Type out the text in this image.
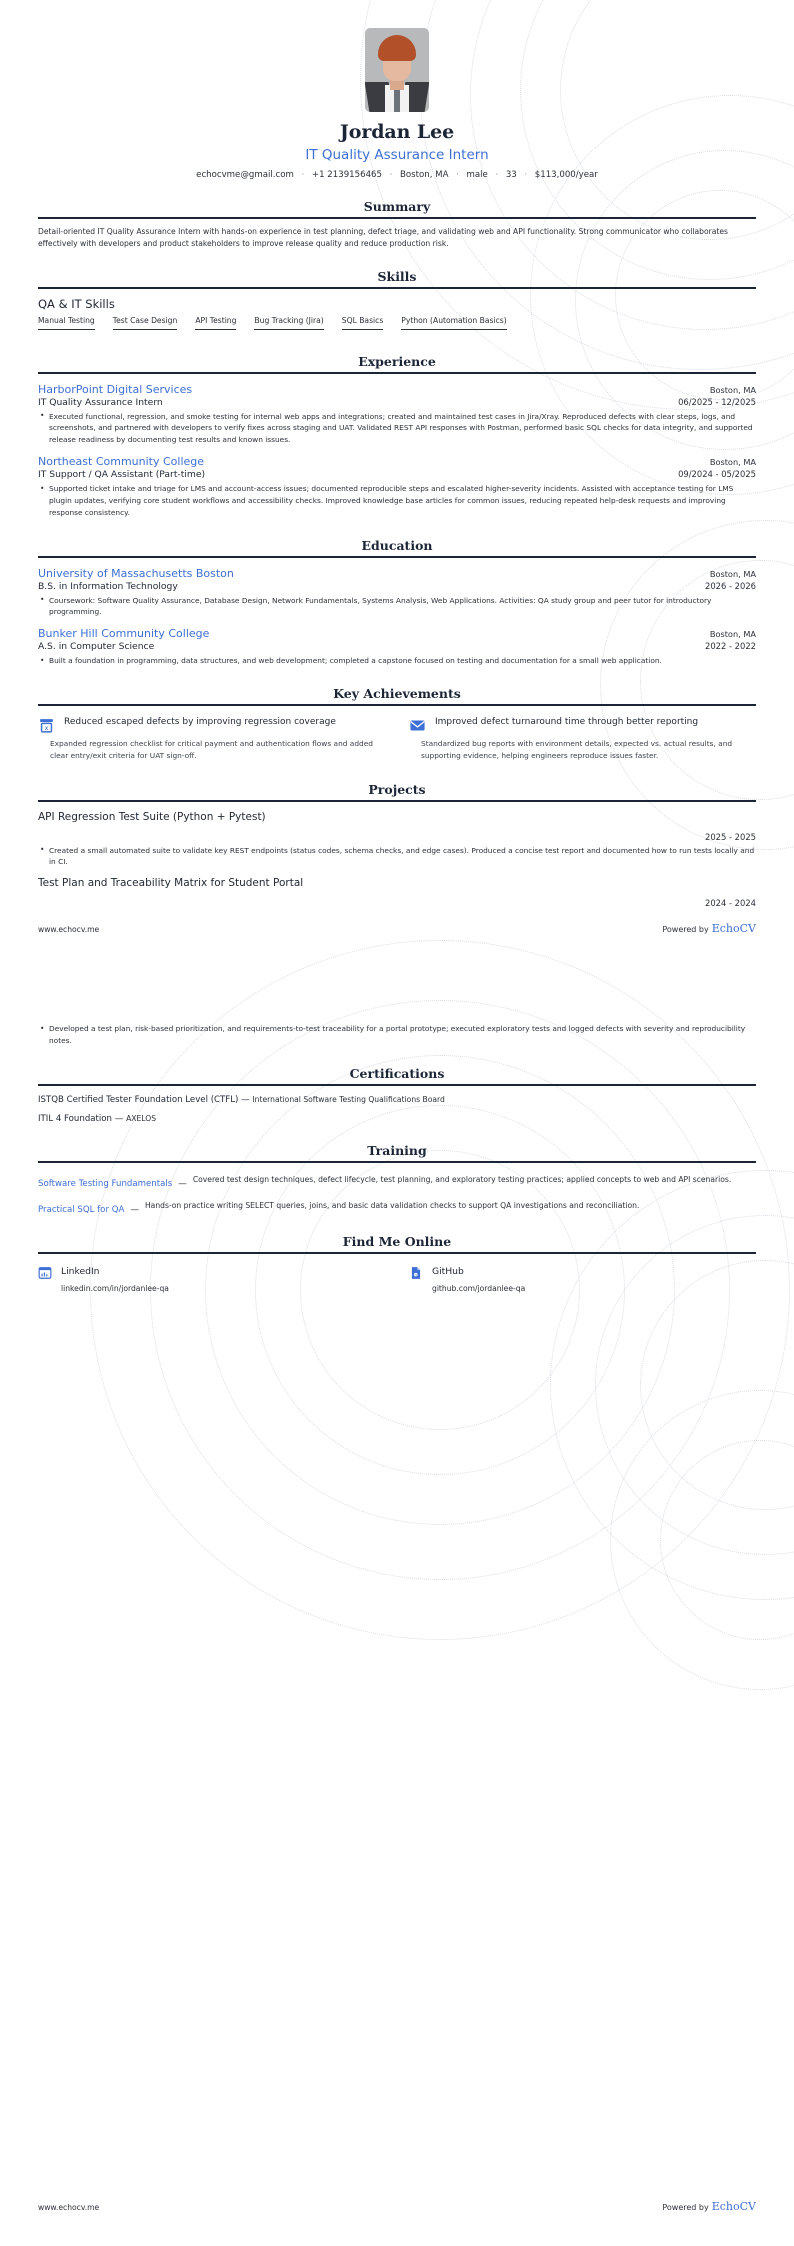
Jordan Lee
IT Quality Assurance Intern
echocvme@gmail.com · +1 2139156465 · Boston, MA · male · 33 · $113,000/year
Summary
Detail-oriented IT Quality Assurance Intern with hands-on experience in test planning, defect triage, and validating web and API functionality. Strong communicator who collaborates effectively with developers and product stakeholders to improve release quality and reduce production risk.
Skills
QA & IT Skills
Manual Testing Test Case Design API Testing Bug Tracking (Jira) SQL Basics Python (Automation Basics)
Experience
HarborPoint Digital Services	Boston, MA
IT Quality Assurance Intern	06/2025 - 12/2025
• Executed functional, regression, and smoke testing for internal web apps and integrations; created and maintained test cases in Jira/Xray. Reproduced defects with clear steps, logs, and screenshots, and partnered with developers to verify fixes across staging and UAT. Validated REST API responses with Postman, performed basic SQL checks for data integrity, and supported release readiness by documenting test results and known issues.
Northeast Community College	Boston, MA
IT Support / QA Assistant (Part-time)	09/2024 - 05/2025
• Supported ticket intake and triage for LMS and account-access issues; documented reproducible steps and escalated higher-severity incidents. Assisted with acceptance testing for LMS plugin updates, verifying core student workflows and accessibility checks. Improved knowledge base articles for common issues, reducing repeated help-desk requests and improving response consistency.
Education
University of Massachusetts Boston	Boston, MA
B.S. in Information Technology	2026 - 2026
• Coursework: Software Quality Assurance, Database Design, Network Fundamentals, Systems Analysis, Web Applications. Activities: QA study group and peer tutor for introductory programming.
Bunker Hill Community College	Boston, MA
A.S. in Computer Science	2022 - 2022
• Built a foundation in programming, data structures, and web development; completed a capstone focused on testing and documentation for a small web application.
Key Achievements
x
Reduced escaped defects by improving regression coverage	Improved defect turnaround time through better reporting
Expanded regression checklist for critical payment and authentication flows and added clear entry/exit criteria for UAT sign-off.
Standardized bug reports with environment details, expected vs. actual results, and supporting evidence, helping engineers reproduce issues faster.
Projects
API Regression Test Suite (Python + Pytest)
2025 - 2025
• Created a small automated suite to validate key REST endpoints (status codes, schema checks, and edge cases). Produced a concise test report and documented how to run tests locally and in CI.
Test Plan and Traceability Matrix for Student Portal
2024 - 2024
www.echocv.me	Powered by EchoCV
• Developed a test plan, risk-based prioritization, and requirements-to-test traceability for a portal prototype; executed exploratory tests and logged defects with severity and reproducibility notes.
Certifications
ISTQB Certified Tester Foundation Level (CTFL) — International Software Testing Qualifications Board
ITIL 4 Foundation — AXELOS
Training
Software Testing Fundamentals — Covered test design techniques, defect lifecycle, test planning, and exploratory testing practices; applied concepts to web and API scenarios.
Practical SQL for QA — Hands-on practice writing SELECT queries, joins, and basic data validation checks to support QA investigations and reconciliation.
Find Me Online
LinkedIn
linkedin.com/in/jordanlee-qa
G GitHub
github.com/jordanlee-qa
www.echocv.me	Powered by EchoCV
